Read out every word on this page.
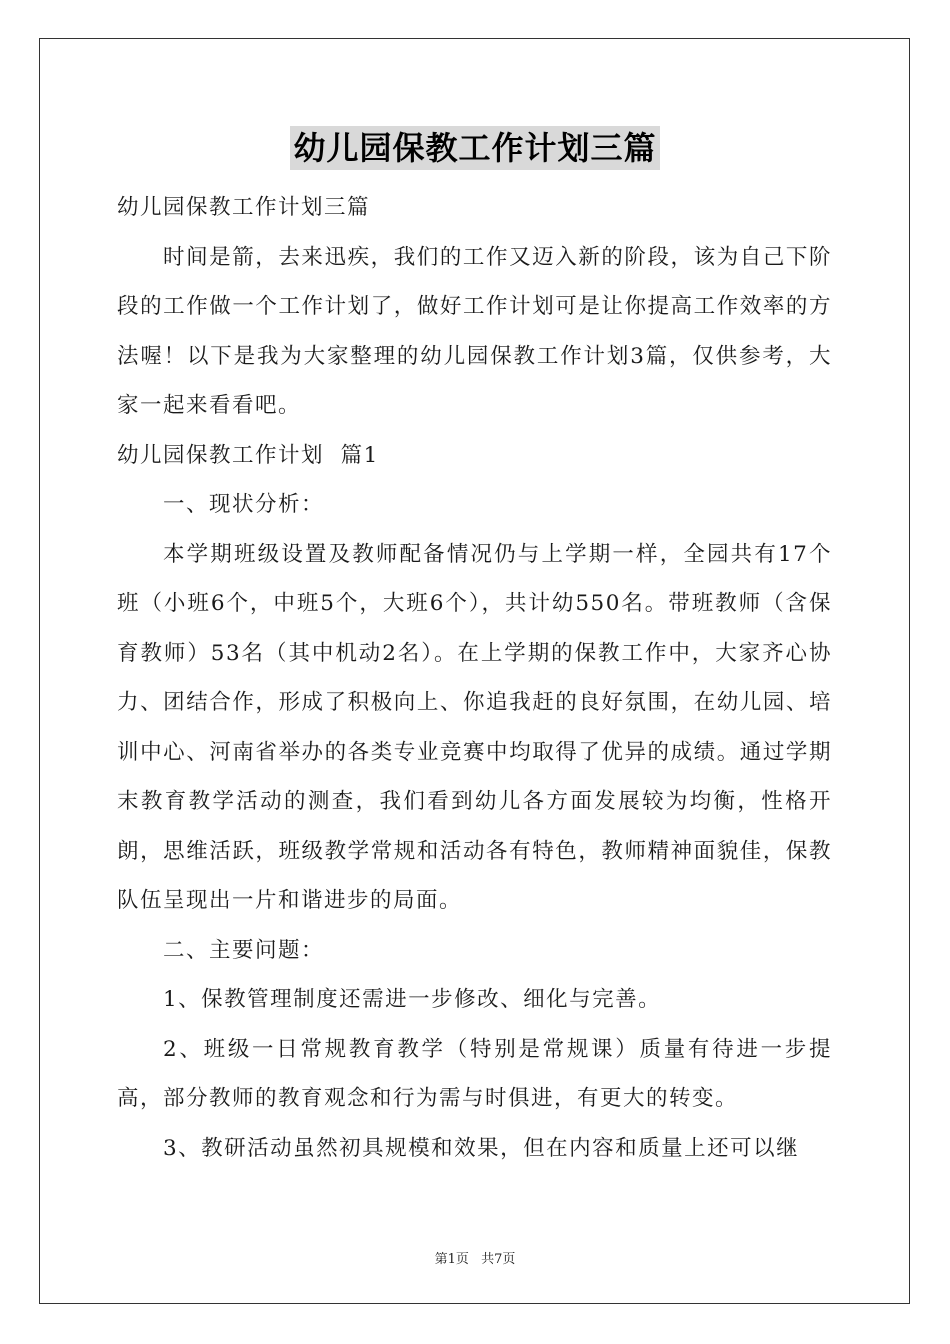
幼儿园保教工作计划三篇

幼儿园保教工作计划三篇

时间是箭，去来迅疾，我们的工作又迈入新的阶段，该为自己下阶段的工作做一个工作计划了，做好工作计划可是让你提高工作效率的方法喔！以下是我为大家整理的幼儿园保教工作计划3篇，仅供参考，大家一起来看看吧。

幼儿园保教工作计划  篇1

一、现状分析：

本学期班级设置及教师配备情况仍与上学期一样，全园共有17个班（小班6个，中班5个，大班6个），共计幼550名。带班教师（含保育教师）53名（其中机动2名）。在上学期的保教工作中，大家齐心协力、团结合作，形成了积极向上、你追我赶的良好氛围，在幼儿园、培训中心、河南省举办的各类专业竞赛中均取得了优异的成绩。通过学期末教育教学活动的测查，我们看到幼儿各方面发展较为均衡，性格开朗，思维活跃，班级教学常规和活动各有特色，教师精神面貌佳，保教队伍呈现出一片和谐进步的局面。

二、主要问题：

1、保教管理制度还需进一步修改、细化与完善。

2、班级一日常规教育教学（特别是常规课）质量有待进一步提高，部分教师的教育观念和行为需与时俱进，有更大的转变。

3、教研活动虽然初具规模和效果，但在内容和质量上还可以继

第1页 共7页
